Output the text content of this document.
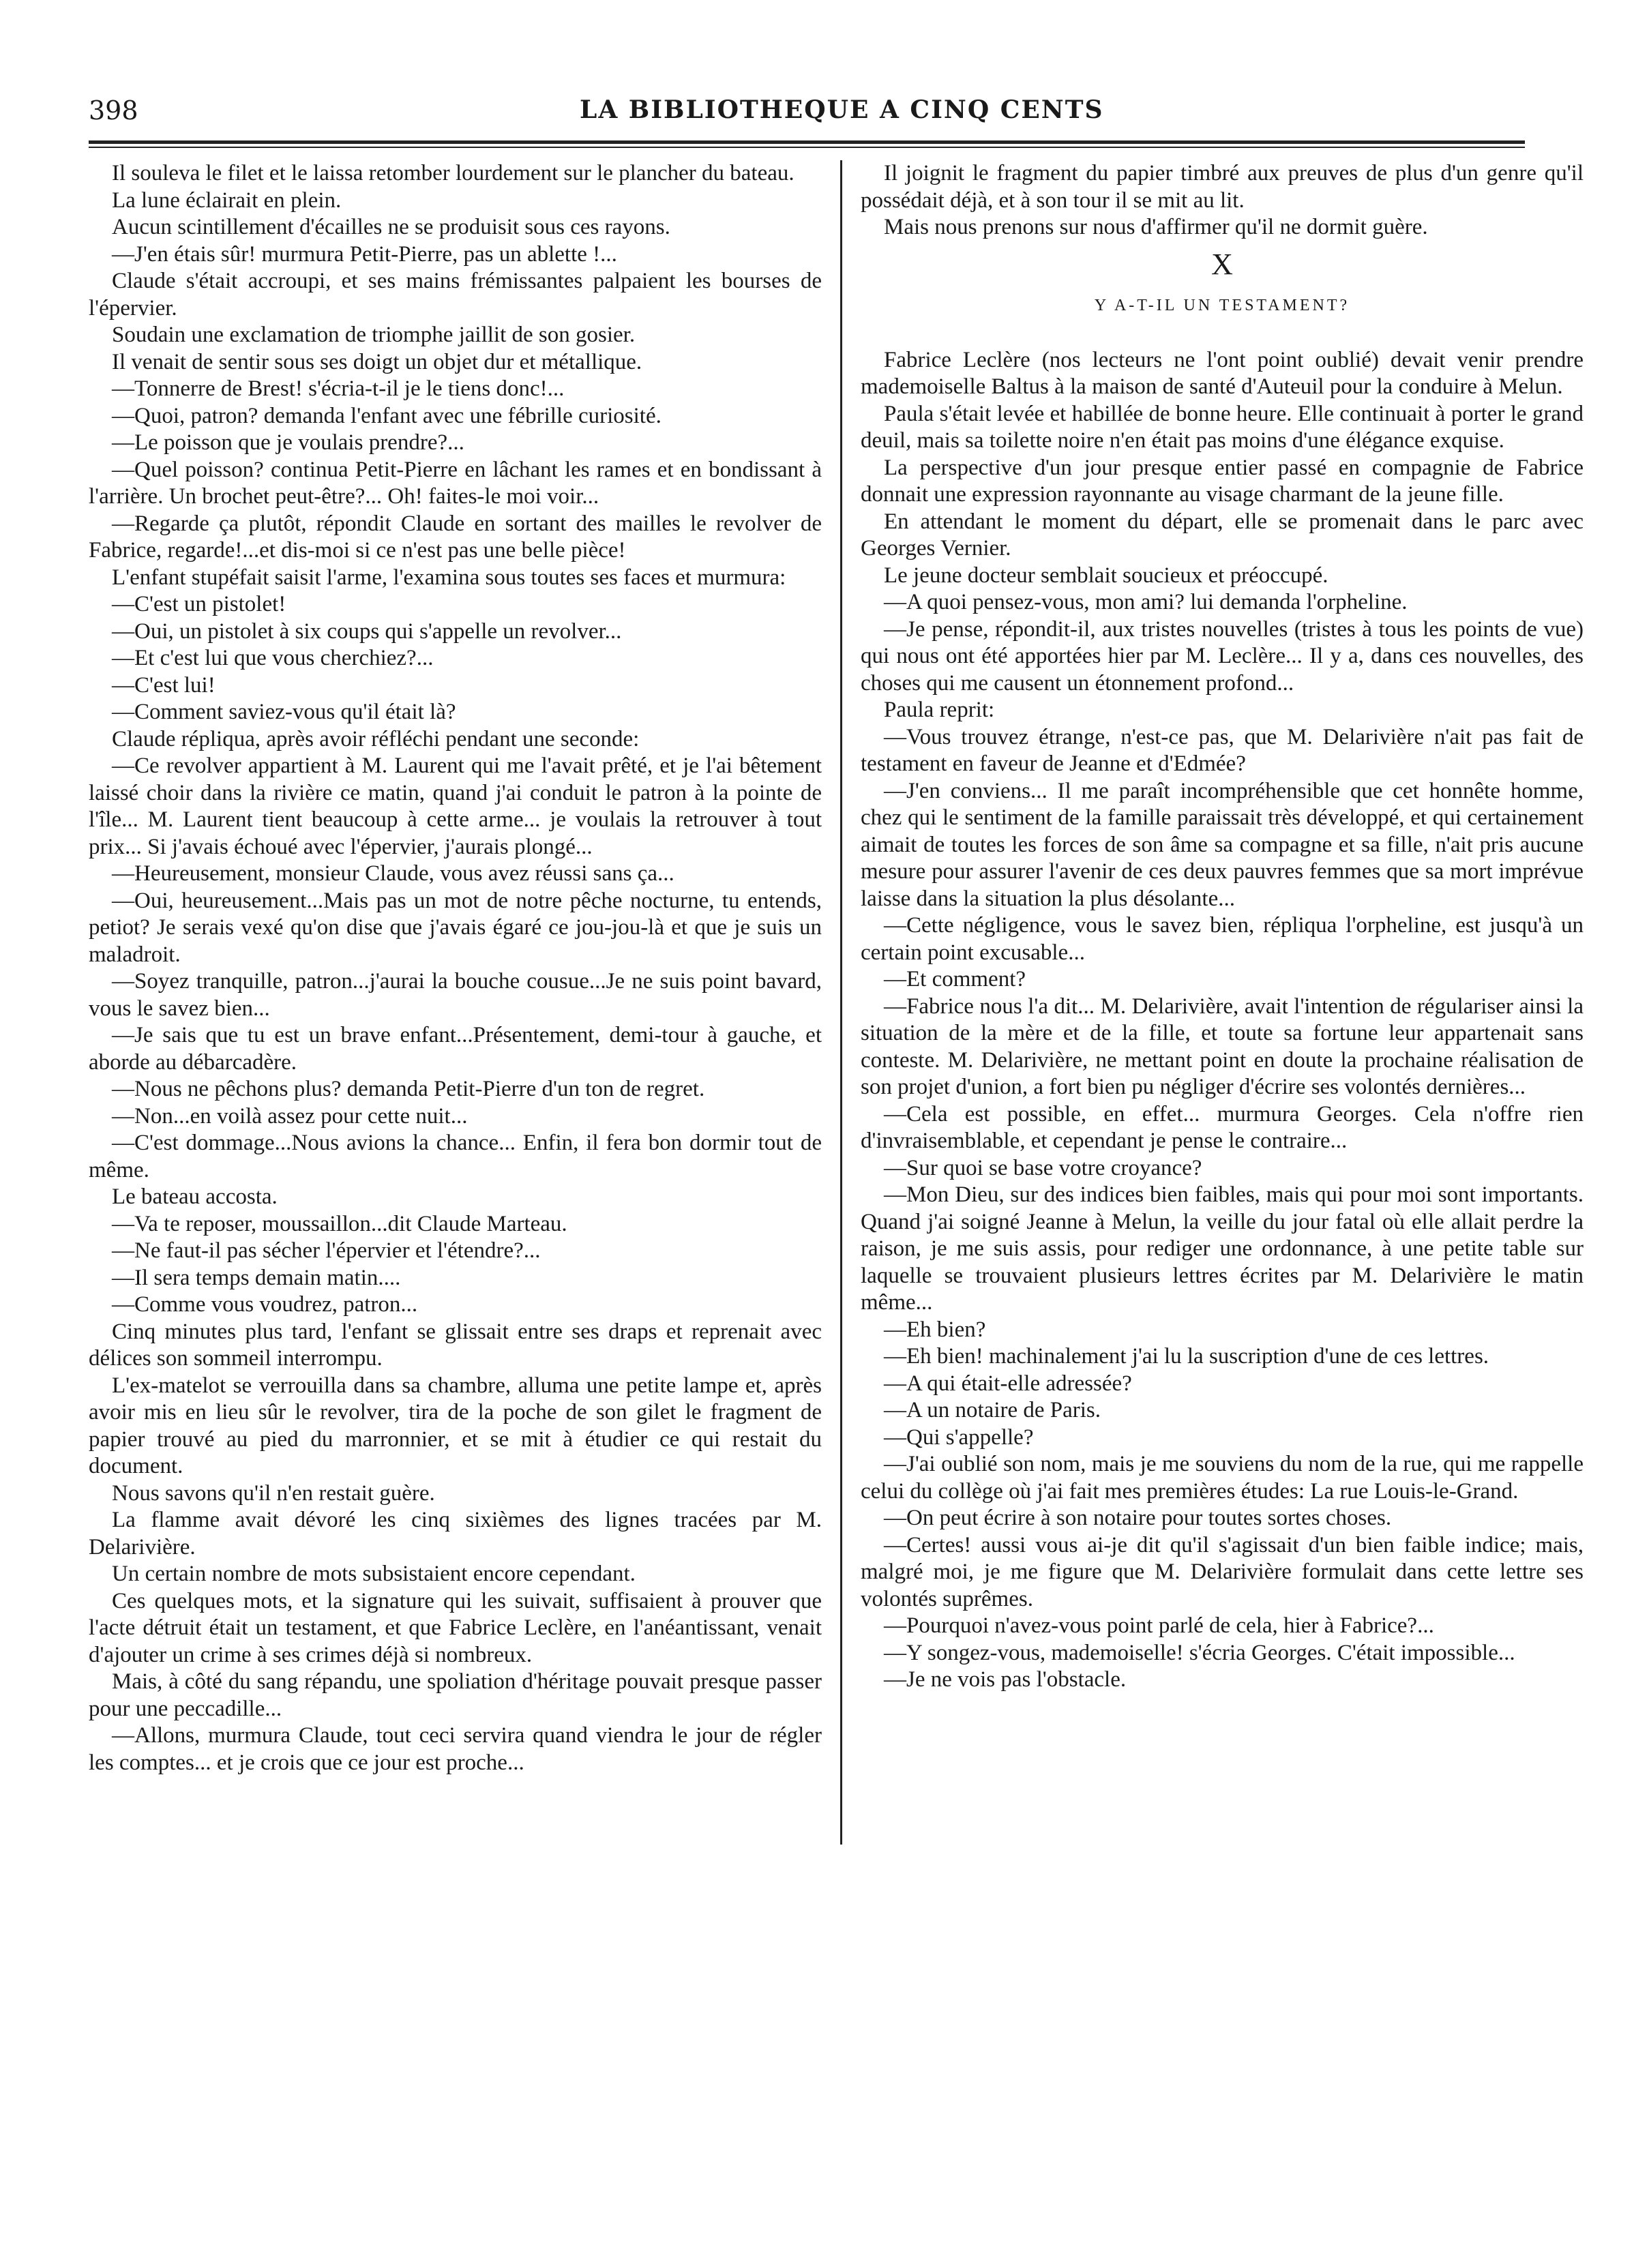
398	LA BIBLIOTHEQUE A CINQ CENTS

Il souleva le filet et le laissa retomber lourdement sur le plancher du bateau.

La lune éclairait en plein.

Aucun scintillement d'écailles ne se produisit sous ces rayons.

—J'en étais sûr! murmura Petit-Pierre, pas un ablette !...

Claude s'était accroupi, et ses mains frémissantes palpaient les bourses de l'épervier.

Soudain une exclamation de triomphe jaillit de son gosier.

Il venait de sentir sous ses doigt un objet dur et métallique.

—Tonnerre de Brest! s'écria-t-il je le tiens donc!...

—Quoi, patron? demanda l'enfant avec une fébrille curiosité.

—Le poisson que je voulais prendre?...

—Quel poisson? continua Petit-Pierre en lâchant les rames et en bondissant à l'arrière. Un brochet peut-être?... Oh! faites-le moi voir...

—Regarde ça plutôt, répondit Claude en sortant des mailles le revolver de Fabrice, regarde!...et dis-moi si ce n'est pas une belle pièce!

L'enfant stupéfait saisit l'arme, l'examina sous toutes ses faces et murmura:

—C'est un pistolet!

—Oui, un pistolet à six coups qui s'appelle un revolver...

—Et c'est lui que vous cherchiez?...

—C'est lui!

—Comment saviez-vous qu'il était là?

Claude répliqua, après avoir réfléchi pendant une seconde:

—Ce revolver appartient à M. Laurent qui me l'avait prêté, et je l'ai bêtement laissé choir dans la rivière ce matin, quand j'ai conduit le patron à la pointe de l'île... M. Laurent tient beaucoup à cette arme... je voulais la retrouver à tout prix... Si j'avais échoué avec l'épervier, j'aurais plongé...

—Heureusement, monsieur Claude, vous avez réussi sans ça...

—Oui, heureusement...Mais pas un mot de notre pêche nocturne, tu entends, petiot? Je serais vexé qu'on dise que j'avais égaré ce jou-jou-là et que je suis un maladroit.

—Soyez tranquille, patron...j'aurai la bouche cousue...Je ne suis point bavard, vous le savez bien...

—Je sais que tu est un brave enfant...Présentement, demi-tour à gauche, et aborde au débarcadère.

—Nous ne pêchons plus? demanda Petit-Pierre d'un ton de regret.

—Non...en voilà assez pour cette nuit...

—C'est dommage...Nous avions la chance... Enfin, il fera bon dormir tout de même.

Le bateau accosta.

—Va te reposer, moussaillon...dit Claude Marteau.

—Ne faut-il pas sécher l'épervier et l'étendre?...

—Il sera temps demain matin....

—Comme vous voudrez, patron...

Cinq minutes plus tard, l'enfant se glissait entre ses draps et reprenait avec délices son sommeil interrompu.

L'ex-matelot se verrouilla dans sa chambre, alluma une petite lampe et, après avoir mis en lieu sûr le revolver, tira de la poche de son gilet le fragment de papier trouvé au pied du marronnier, et se mit à étudier ce qui restait du document.

Nous savons qu'il n'en restait guère.

La flamme avait dévoré les cinq sixièmes des lignes tracées par M. Delarivière.

Un certain nombre de mots subsistaient encore cependant.

Ces quelques mots, et la signature qui les suivait, suffisaient à prouver que l'acte détruit était un testament, et que Fabrice Leclère, en l'anéantissant, venait d'ajouter un crime à ses crimes déjà si nombreux.

Mais, à côté du sang répandu, une spoliation d'héritage pouvait presque passer pour une peccadille...

—Allons, murmura Claude, tout ceci servira quand viendra le jour de régler les comptes... et je crois que ce jour est proche...

Il joignit le fragment du papier timbré aux preuves de plus d'un genre qu'il possédait déjà, et à son tour il se mit au lit.

Mais nous prenons sur nous d'affirmer qu'il ne dormit guère.

X

Y A-T-IL UN TESTAMENT?

Fabrice Leclère (nos lecteurs ne l'ont point oublié) devait venir prendre mademoiselle Baltus à la maison de santé d'Auteuil pour la conduire à Melun.

Paula s'était levée et habillée de bonne heure. Elle continuait à porter le grand deuil, mais sa toilette noire n'en était pas moins d'une élégance exquise.

La perspective d'un jour presque entier passé en compagnie de Fabrice donnait une expression rayonnante au visage charmant de la jeune fille.

En attendant le moment du départ, elle se promenait dans le parc avec Georges Vernier.

Le jeune docteur semblait soucieux et préoccupé.

—A quoi pensez-vous, mon ami? lui demanda l'orpheline.

—Je pense, répondit-il, aux tristes nouvelles (tristes à tous les points de vue) qui nous ont été apportées hier par M. Leclère... Il y a, dans ces nouvelles, des choses qui me causent un étonnement profond...

Paula reprit:

—Vous trouvez étrange, n'est-ce pas, que M. Delarivière n'ait pas fait de testament en faveur de Jeanne et d'Edmée?

—J'en conviens... Il me paraît incompréhensible que cet honnête homme, chez qui le sentiment de la famille paraissait très développé, et qui certainement aimait de toutes les forces de son âme sa compagne et sa fille, n'ait pris aucune mesure pour assurer l'avenir de ces deux pauvres femmes que sa mort imprévue laisse dans la situation la plus désolante...

—Cette négligence, vous le savez bien, répliqua l'orpheline, est jusqu'à un certain point excusable...

—Et comment?

—Fabrice nous l'a dit... M. Delarivière, avait l'intention de régulariser ainsi la situation de la mère et de la fille, et toute sa fortune leur appartenait sans conteste. M. Delarivière, ne mettant point en doute la prochaine réalisation de son projet d'union, a fort bien pu négliger d'écrire ses volontés dernières...

—Cela est possible, en effet... murmura Georges. Cela n'offre rien d'invraisemblable, et cependant je pense le contraire...

—Sur quoi se base votre croyance?

—Mon Dieu, sur des indices bien faibles, mais qui pour moi sont importants. Quand j'ai soigné Jeanne à Melun, la veille du jour fatal où elle allait perdre la raison, je me suis assis, pour rediger une ordonnance, à une petite table sur laquelle se trouvaient plusieurs lettres écrites par M. Delarivière le matin même...

—Eh bien?

—Eh bien! machinalement j'ai lu la suscription d'une de ces lettres.

—A qui était-elle adressée?

—A un notaire de Paris.

—Qui s'appelle?

—J'ai oublié son nom, mais je me souviens du nom de la rue, qui me rappelle celui du collège où j'ai fait mes premières études: La rue Louis-le-Grand.

—On peut écrire à son notaire pour toutes sortes choses.

—Certes! aussi vous ai-je dit qu'il s'agissait d'un bien faible indice; mais, malgré moi, je me figure que M. Delarivière formulait dans cette lettre ses volontés suprêmes.

—Pourquoi n'avez-vous point parlé de cela, hier à Fabrice?...

—Y songez-vous, mademoiselle! s'écria Georges. C'était impossible...

—Je ne vois pas l'obstacle.
